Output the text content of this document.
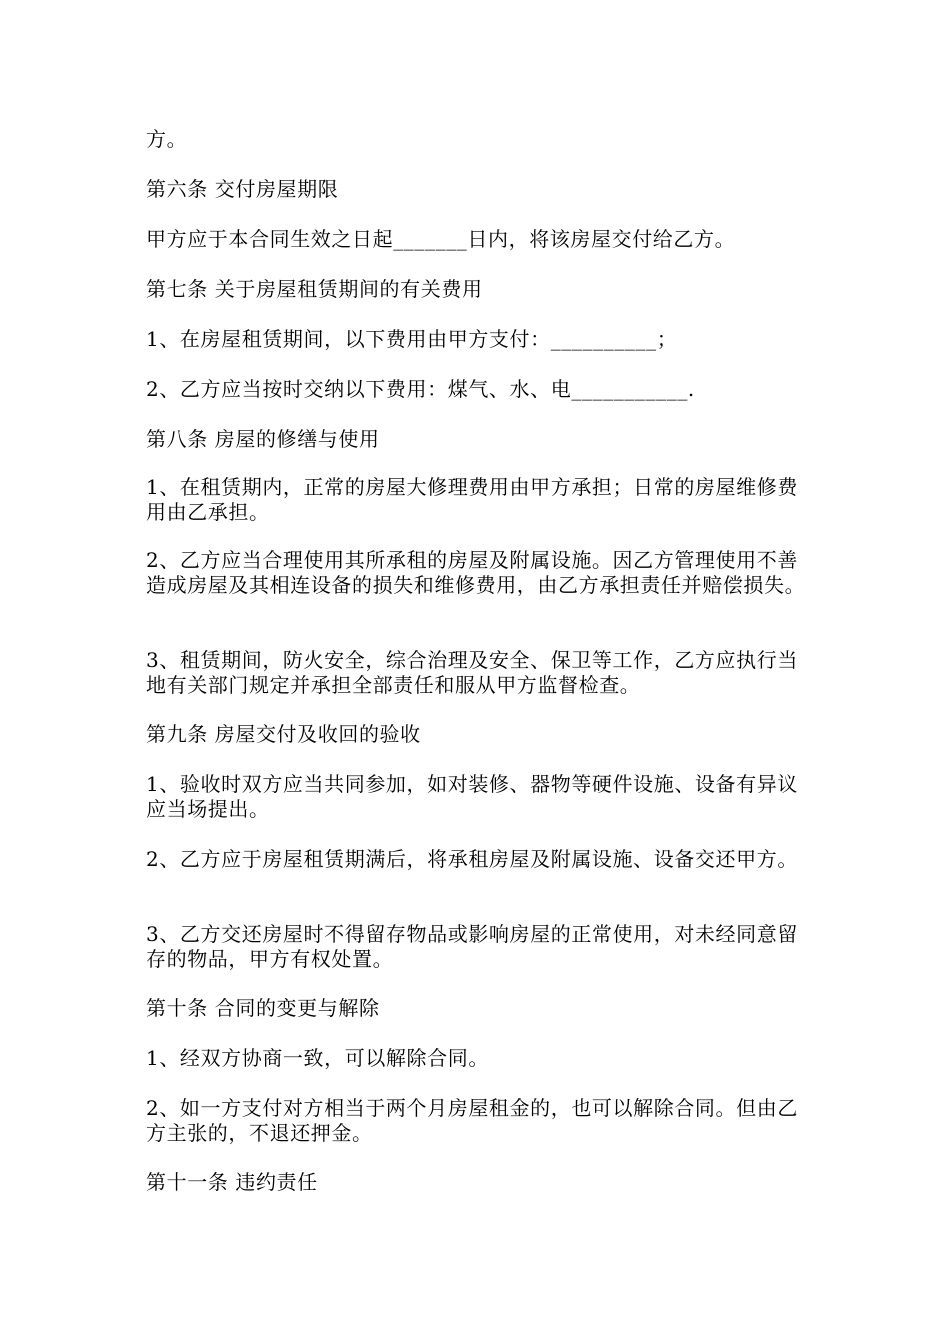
方。

第六条 交付房屋期限

甲方应于本合同生效之日起_______日内，将该房屋交付给乙方。

第七条 关于房屋租赁期间的有关费用

1、在房屋租赁期间，以下费用由甲方支付：__________；

2、乙方应当按时交纳以下费用：煤气、水、电___________.

第八条 房屋的修缮与使用

1、在租赁期内，正常的房屋大修理费用由甲方承担；日常的房屋维修费用由乙承担。

2、乙方应当合理使用其所承租的房屋及附属设施。因乙方管理使用不善造成房屋及其相连设备的损失和维修费用，由乙方承担责任并赔偿损失。

3、租赁期间，防火安全，综合治理及安全、保卫等工作，乙方应执行当地有关部门规定并承担全部责任和服从甲方监督检查。

第九条 房屋交付及收回的验收

1、验收时双方应当共同参加，如对装修、器物等硬件设施、设备有异议应当场提出。

2、乙方应于房屋租赁期满后，将承租房屋及附属设施、设备交还甲方。

3、乙方交还房屋时不得留存物品或影响房屋的正常使用，对未经同意留存的物品，甲方有权处置。

第十条 合同的变更与解除

1、经双方协商一致，可以解除合同。

2、如一方支付对方相当于两个月房屋租金的，也可以解除合同。但由乙方主张的，不退还押金。

第十一条 违约责任
